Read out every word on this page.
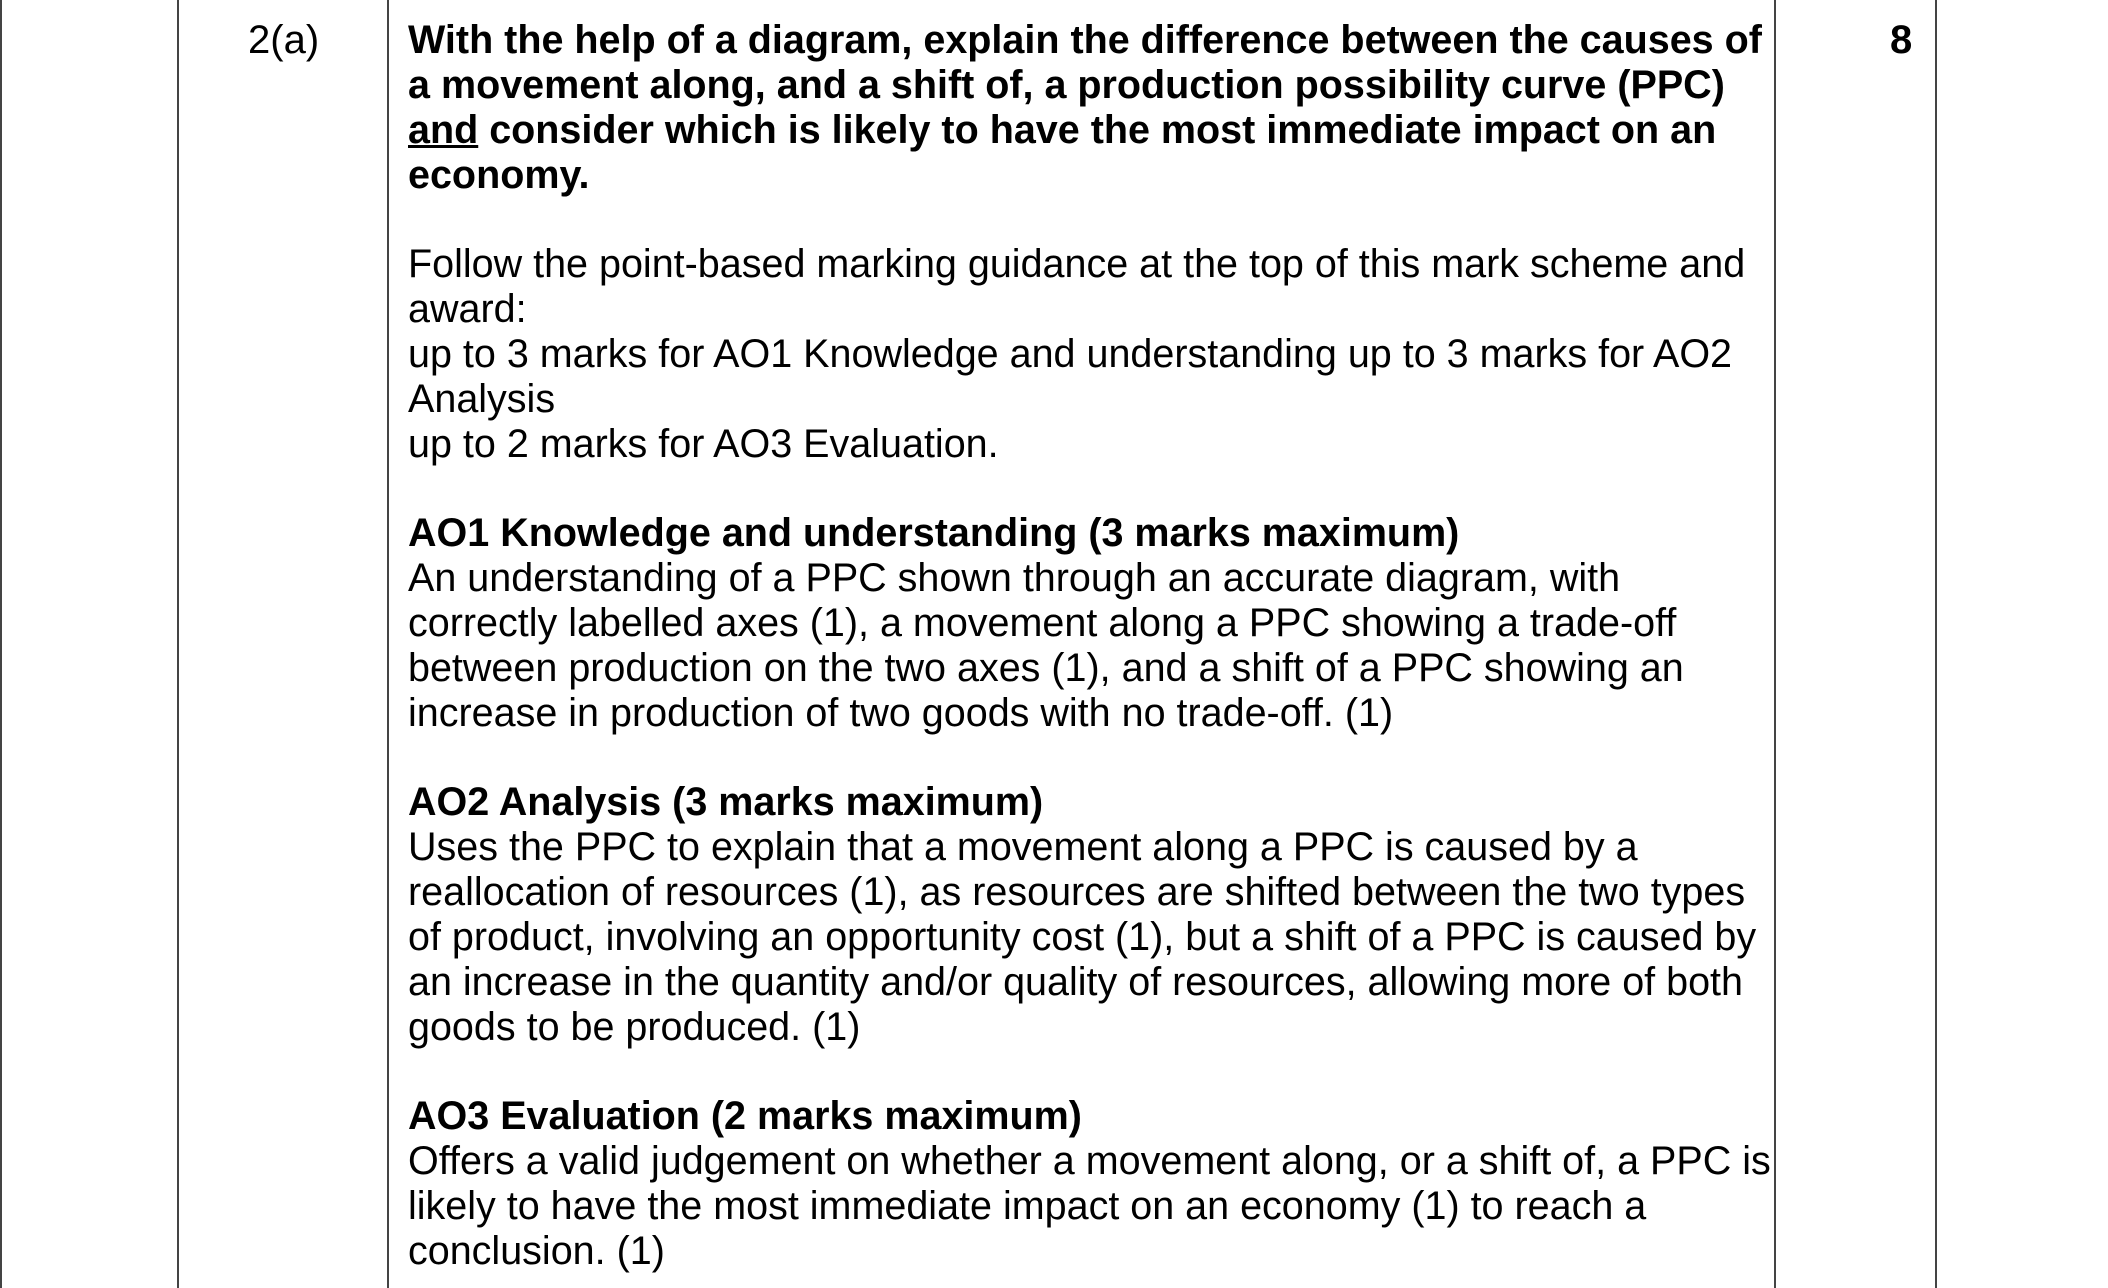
2(a)	8

With the help of a diagram, explain the difference between the causes of

a movement along, and a shift of, a production possibility curve (PPC)

and consider which is likely to have the most immediate impact on an

economy.

Follow the point-based marking guidance at the top of this mark scheme and

award:

up to 3 marks for AO1 Knowledge and understanding up to 3 marks for AO2

Analysis

up to 2 marks for AO3 Evaluation.

AO1 Knowledge and understanding (3 marks maximum)

An understanding of a PPC shown through an accurate diagram, with

correctly labelled axes (1), a movement along a PPC showing a trade-off

between production on the two axes (1), and a shift of a PPC showing an

increase in production of two goods with no trade-off. (1)

AO2 Analysis (3 marks maximum)

Uses the PPC to explain that a movement along a PPC is caused by a

reallocation of resources (1), as resources are shifted between the two types

of product, involving an opportunity cost (1), but a shift of a PPC is caused by

an increase in the quantity and/or quality of resources, allowing more of both

goods to be produced. (1)

AO3 Evaluation (2 marks maximum)

Offers a valid judgement on whether a movement along, or a shift of, a PPC is

likely to have the most immediate impact on an economy (1) to reach a

conclusion. (1)
